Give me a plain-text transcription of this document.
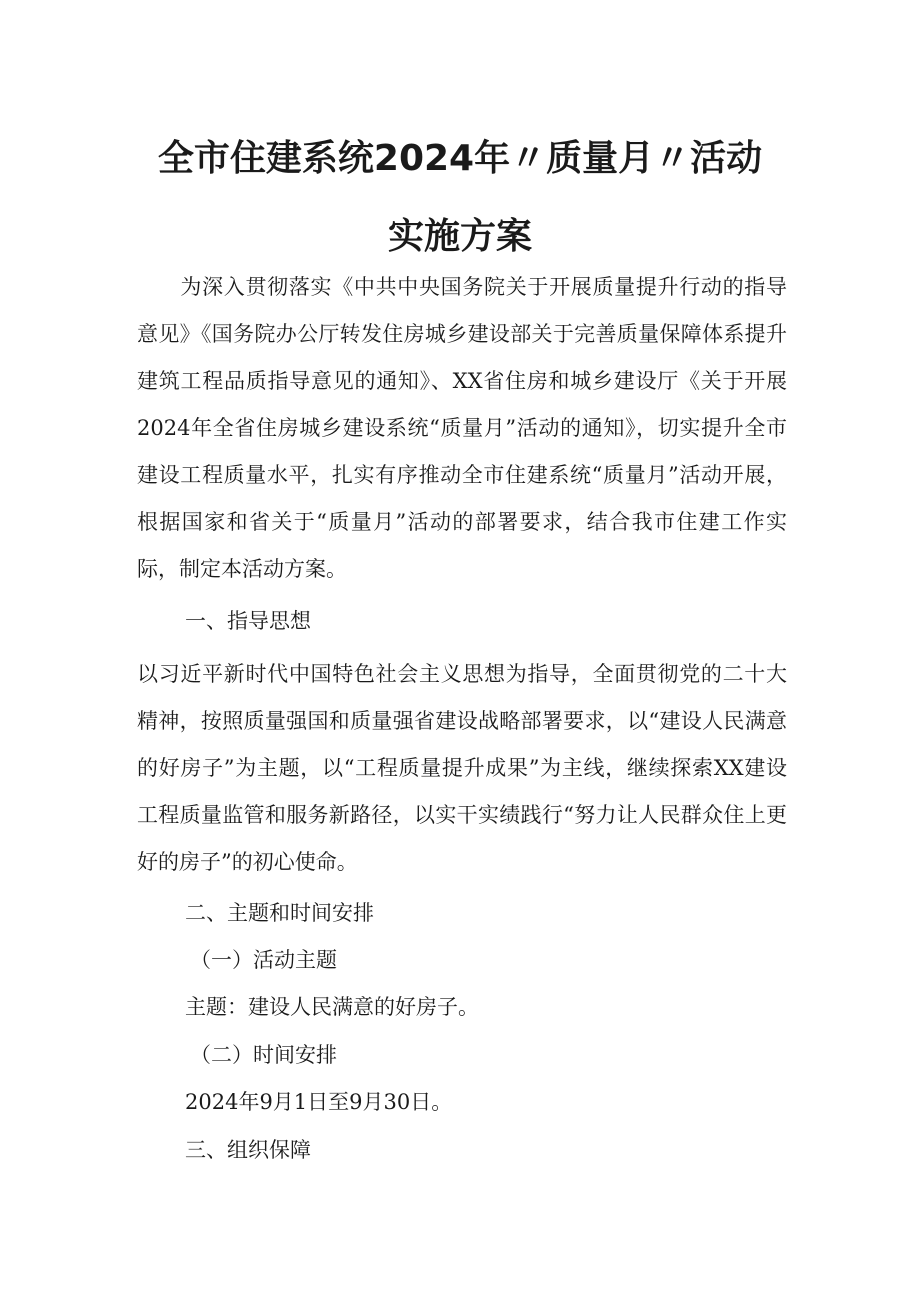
全市住建系统2024年〃质量月〃活动
实施方案
　　为深入贯彻落实《中共中央国务院关于开展质量提升行动的指导意见》《国务院办公厅转发住房城乡建设部关于完善质量保障体系提升建筑工程品质指导意见的通知》、XX省住房和城乡建设厅《关于开展2024年全省住房城乡建设系统“质量月”活动的通知》，切实提升全市建设工程质量水平，扎实有序推动全市住建系统“质量月”活动开展，根据国家和省关于“质量月”活动的部署要求，结合我市住建工作实际，制定本活动方案。
一、指导思想
以习近平新时代中国特色社会主义思想为指导，全面贯彻党的二十大精神，按照质量强国和质量强省建设战略部署要求，以“建设人民满意的好房子”为主题，以“工程质量提升成果”为主线，继续探索XX建设工程质量监管和服务新路径，以实干实绩践行“努力让人民群众住上更好的房子”的初心使命。
二、主题和时间安排
（一）活动主题
主题：建设人民满意的好房子。
（二）时间安排
2024年9月1日至9月30日。
三、组织保障
